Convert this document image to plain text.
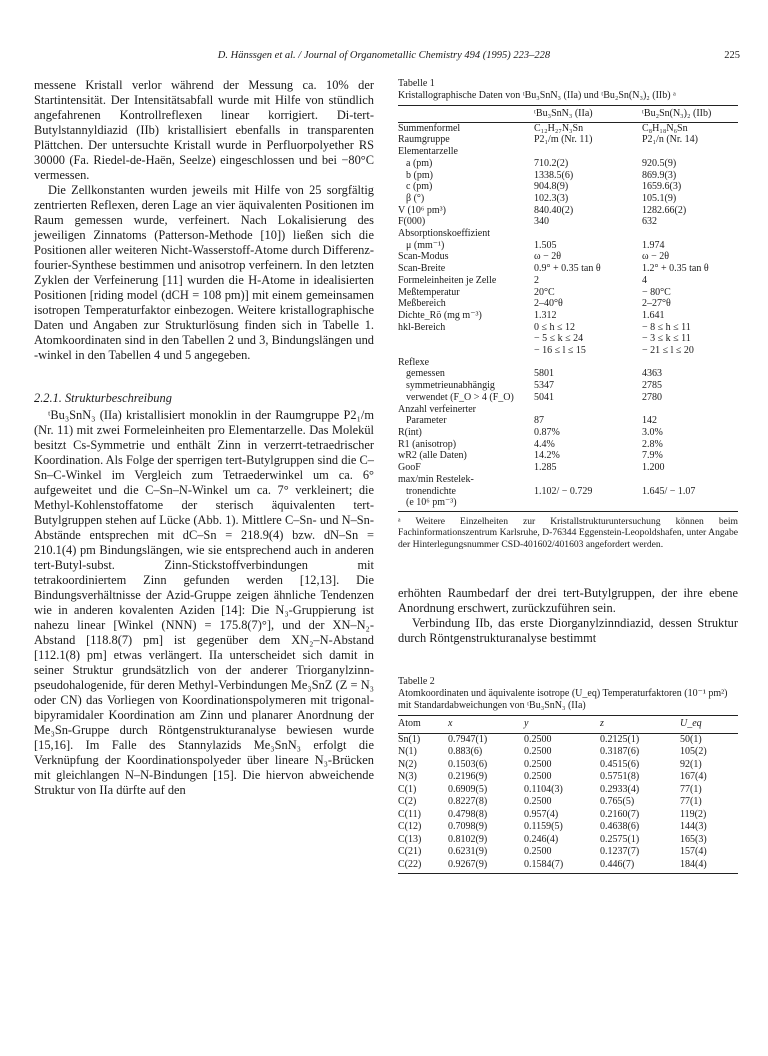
D. Hänssgen et al. / Journal of Organometallic Chemistry 494 (1995) 223–228	225

messene Kristall verlor während der Messung ca. 10% der Startintensität. Der Intensitätsabfall wurde mit Hilfe von stündlich angefahrenen Kontrollreflexen linear korrigiert. Di-tert-Butylstannyldiazid (IIb) kristallisiert ebenfalls in transparenten Plättchen. Der untersuchte Kristall wurde in Perfluorpolyether RS 30000 (Fa. Riedel-de-Haën, Seelze) eingeschlossen und bei −80°C vermessen.

Die Zellkonstanten wurden jeweils mit Hilfe von 25 sorgfältig zentrierten Reflexen, deren Lage an vier äquivalenten Positionen im Raum gemessen wurde, verfeinert. Nach Lokalisierung des jeweiligen Zinnatoms (Patterson-Methode [10]) ließen sich die Positionen aller weiteren Nicht-Wasserstoff-Atome durch Differenz-fourier-Synthese bestimmen und anisotrop verfeinern. In den letzten Zyklen der Verfeinerung [11] wurden die H-Atome in idealisierten Positionen [riding model (dCH = 108 pm)] mit einem gemeinsamen isotropen Temperaturfaktor einbezogen. Weitere kristallographische Daten und Angaben zur Strukturlösung finden sich in Tabelle 1. Atomkoordinaten sind in den Tabellen 2 und 3, Bindungslängen und -winkel in den Tabellen 4 und 5 angegeben.

2.2.1. Strukturbeschreibung

ᵗBu₃SnN₃ (IIa) kristallisiert monoklin in der Raumgruppe P2₁/m (Nr. 11) mit zwei Formeleinheiten pro Elementarzelle. Das Molekül besitzt Cs-Symmetrie und enthält Zinn in verzerrt-tetraedrischer Koordination. Als Folge der sperrigen tert-Butylgruppen sind die C–Sn–C-Winkel im Vergleich zum Tetraederwinkel um ca. 6° aufgeweitet und die C–Sn–N-Winkel um ca. 7° verkleinert; die Methyl-Kohlenstoffatome der sterisch äquivalenten tert-Butylgruppen stehen auf Lücke (Abb. 1). Mittlere C–Sn- und N–Sn-Abstände entsprechen mit dC–Sn = 218.9(4) bzw. dN–Sn = 210.1(4) pm Bindungslängen, wie sie entsprechend auch in anderen tert-Butyl-subst. Zinn-Stickstoffverbindungen mit tetrakoordiniertem Zinn gefunden werden [12,13]. Die Bindungsverhältnisse der Azid-Gruppe zeigen ähnliche Tendenzen wie in anderen kovalenten Aziden [14]: Die N₃-Gruppierung ist nahezu linear [Winkel (NNN) = 175.8(7)°], und der XN–N₂-Abstand [118.8(7) pm] ist gegenüber dem XN₂–N-Abstand [112.1(8) pm] etwas verlängert. IIa unterscheidet sich damit in seiner Struktur grundsätzlich von der anderer Triorganylzinn-pseudohalogenide, für deren Methyl-Verbindungen Me₃SnZ (Z = N₃ oder CN) das Vorliegen von Koordinationspolymeren mit trigonal-bipyramidaler Koordination am Zinn und planarer Anordnung der Me₃Sn-Gruppe durch Röntgenstrukturanalyse bewiesen wurde [15,16]. Im Falle des Stannylazids Me₃SnN₃ erfolgt die Verknüpfung der Koordinationspolyeder über lineare N₃-Brücken mit gleichlangen N–N-Bindungen [15]. Die hiervon abweichende Struktur von IIa dürfte auf den

Tabelle 1
Kristallographische Daten von ᵗBu₃SnN₃ (IIa) und ᵗBu₂Sn(N₃)₂ (IIb) ᵃ
	ᵗBu₃SnN₃ (IIa)	ᵗBu₂Sn(N₃)₂ (IIb)
Summenformel	C₁₂H₂₇N₃Sn	C₈H₁₈N₆Sn
Raumgruppe	P2₁/m (Nr. 11)	P2₁/n (Nr. 14)
Elementarzelle		
a (pm)	710.2(2)	920.5(9)
b (pm)	1338.5(6)	869.9(3)
c (pm)	904.8(9)	1659.6(3)
β (°)	102.3(3)	105.1(9)
V (10⁶ pm³)	840.40(2)	1282.66(2)
F(000)	340	632
Absorptionskoeffizient		
μ (mm⁻¹)	1.505	1.974
Scan-Modus	ω − 2θ	ω − 2θ
Scan-Breite	0.9° + 0.35 tan θ	1.2° + 0.35 tan θ
Formeleinheiten je Zelle	2	4
Meßtemperatur	20°C	− 80°C
Meßbereich	2–40°θ	2–27°θ
Dichte_Rö (mg m⁻³)	1.312	1.641
hkl-Bereich	0 ≤ h ≤ 12	− 8 ≤ h ≤ 11
	− 5 ≤ k ≤ 24	− 3 ≤ k ≤ 11
	− 16 ≤ l ≤ 15	− 21 ≤ l ≤ 20
Reflexe		
gemessen	5801	4363
symmetrieunabhängig	5347	2785
verwendet (F_O > 4 (F_O)	5041	2780
Anzahl verfeinerter		
Parameter	87	142
R(int)	0.87%	3.0%
R1 (anisotrop)	4.4%	2.8%
wR2 (alle Daten)	14.2%	7.9%
GooF	1.285	1.200
max/min Restelek-		
tronendichte	1.102/ − 0.729	1.645/ − 1.07
(e 10⁶ pm⁻³)		
ᵃ Weitere Einzelheiten zur Kristallstrukturuntersuchung können beim Fachinformationszentrum Karlsruhe, D-76344 Eggenstein-Leopoldshafen, unter Angabe der Hinterlegungsnummer CSD-401602/401603 angefordert werden.

erhöhten Raumbedarf der drei tert-Butylgruppen, der ihre ebene Anordnung erschwert, zurückzuführen sein.

Verbindung IIb, das erste Diorganylzinndiazid, dessen Struktur durch Röntgenstrukturanalyse bestimmt

Tabelle 2
Atomkoordinaten und äquivalente isotrope (U_eq) Temperaturfaktoren (10⁻¹ pm²) mit Standardabweichungen von ᵗBu₃SnN₃ (IIa)
Atom	x	y	z	U_eq
Sn(1)	0.7947(1)	0.2500	0.2125(1)	50(1)
N(1)	0.883(6)	0.2500	0.3187(6)	105(2)
N(2)	0.1503(6)	0.2500	0.4515(6)	92(1)
N(3)	0.2196(9)	0.2500	0.5751(8)	167(4)
C(1)	0.6909(5)	0.1104(3)	0.2933(4)	77(1)
C(2)	0.8227(8)	0.2500	0.765(5)	77(1)
C(11)	0.4798(8)	0.957(4)	0.2160(7)	119(2)
C(12)	0.7098(9)	0.1159(5)	0.4638(6)	144(3)
C(13)	0.8102(9)	0.246(4)	0.2575(1)	165(3)
C(21)	0.6231(9)	0.2500	0.1237(7)	157(4)
C(22)	0.9267(9)	0.1584(7)	0.446(7)	184(4)
